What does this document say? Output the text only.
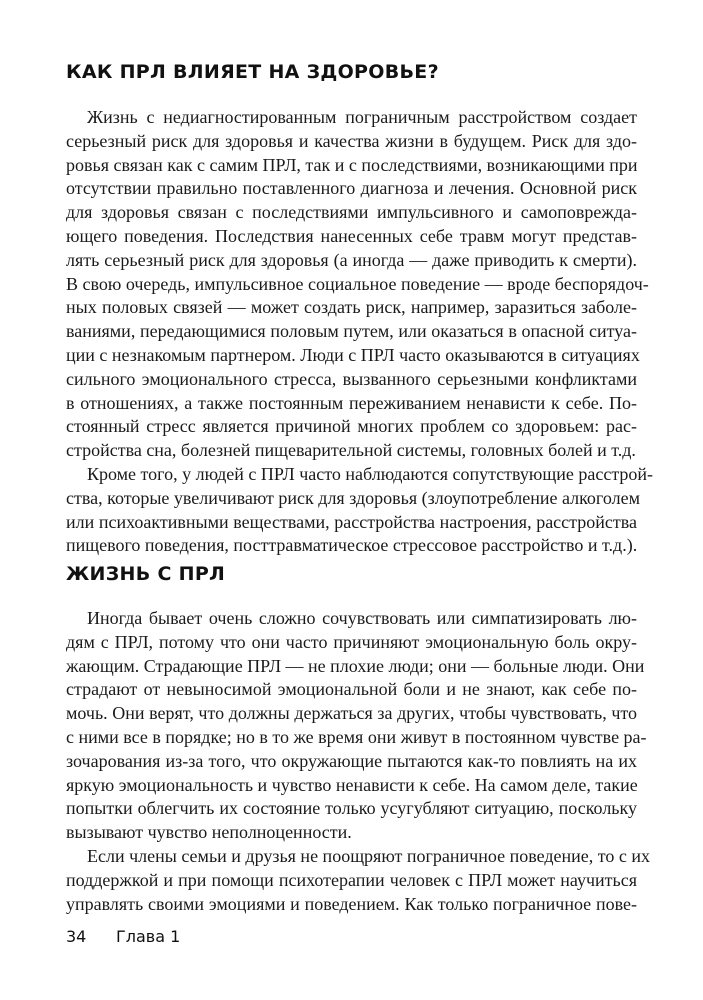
КАК ПРЛ ВЛИЯЕТ НА ЗДОРОВЬЕ?
Жизнь с недиагностированным пограничным расстройством создает
серьезный риск для здоровья и качества жизни в будущем. Риск для здо-
ровья связан как с самим ПРЛ, так и с последствиями, возникающими при
отсутствии правильно поставленного диагноза и лечения. Основной риск
для здоровья связан с последствиями импульсивного и самоповрежда-
ющего поведения. Последствия нанесенных себе травм могут представ-
лять серьезный риск для здоровья (а иногда — даже приводить к смерти).
В свою очередь, импульсивное социальное поведение — вроде беспорядоч-
ных половых связей — может создать риск, например, заразиться заболе-
ваниями, передающимися половым путем, или оказаться в опасной ситуа-
ции с незнакомым партнером. Люди с ПРЛ часто оказываются в ситуациях
сильного эмоционального стресса, вызванного серьезными конфликтами
в отношениях, а также постоянным переживанием ненависти к себе. По-
стоянный стресс является причиной многих проблем со здоровьем: рас-
стройства сна, болезней пищеварительной системы, головных болей и т.д.
Кроме того, у людей с ПРЛ часто наблюдаются сопутствующие расстрой-
ства, которые увеличивают риск для здоровья (злоупотребление алкоголем
или психоактивными веществами, расстройства настроения, расстройства
пищевого поведения, посттравматическое стрессовое расстройство и т.д.).
ЖИЗНЬ С ПРЛ
Иногда бывает очень сложно сочувствовать или симпатизировать лю-
дям с ПРЛ, потому что они часто причиняют эмоциональную боль окру-
жающим. Страдающие ПРЛ — не плохие люди; они — больные люди. Они
страдают от невыносимой эмоциональной боли и не знают, как себе по-
мочь. Они верят, что должны держаться за других, чтобы чувствовать, что
с ними все в порядке; но в то же время они живут в постоянном чувстве ра-
зочарования из-за того, что окружающие пытаются как-то повлиять на их
яркую эмоциональность и чувство ненависти к себе. На самом деле, такие
попытки облегчить их состояние только усугубляют ситуацию, поскольку
вызывают чувство неполноценности.
Если члены семьи и друзья не поощряют пограничное поведение, то с их
поддержкой и при помощи психотерапии человек с ПРЛ может научиться
управлять своими эмоциями и поведением. Как только пограничное пове-
34 Глава 1
